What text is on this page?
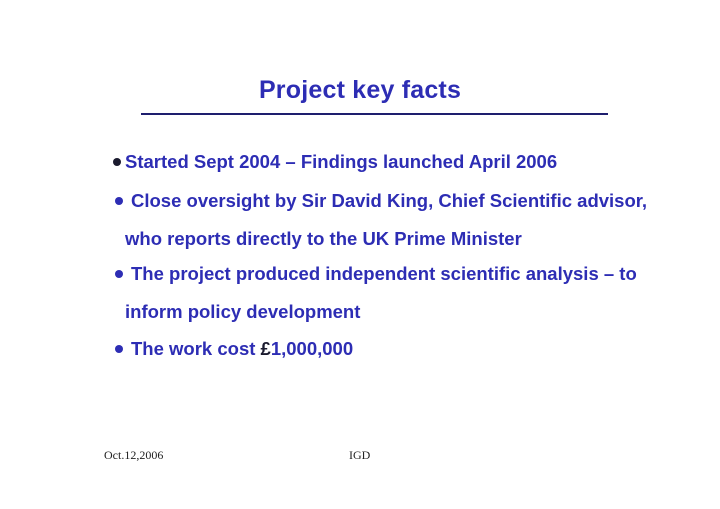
Project key facts
Started Sept 2004 – Findings launched April 2006
Close oversight by Sir David King, Chief Scientific advisor,
who reports directly to the UK Prime Minister
The project produced independent scientific analysis – to
inform policy development
The work cost £1,000,000
Oct.12,2006	IGD
